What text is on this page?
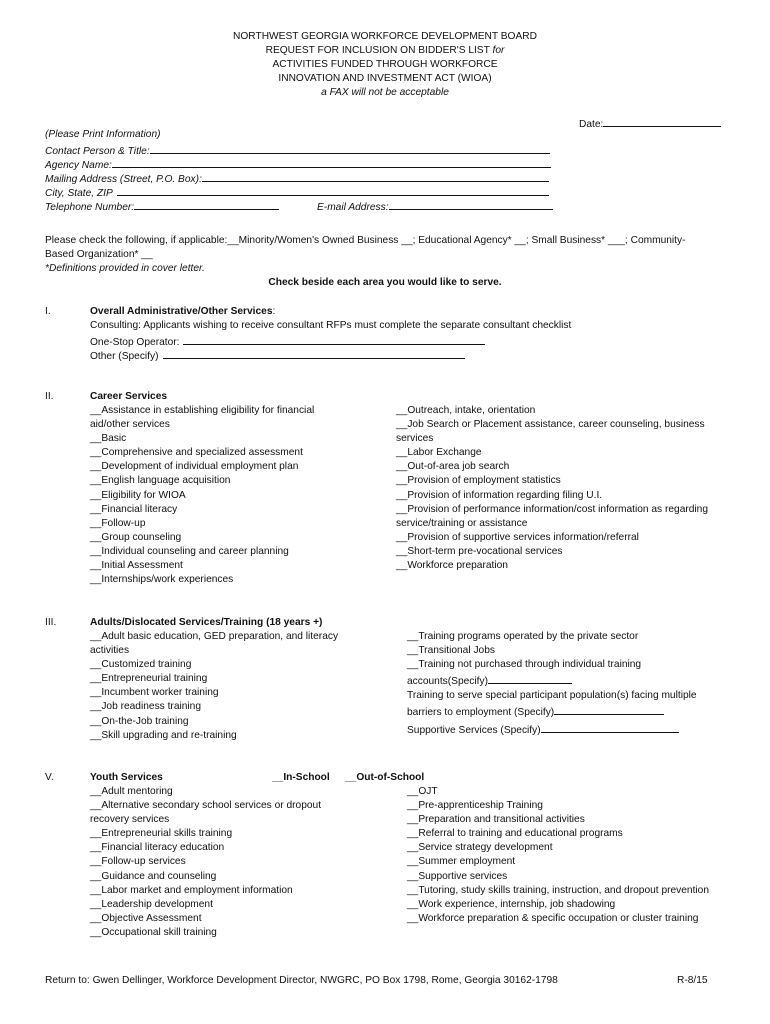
NORTHWEST GEORGIA WORKFORCE DEVELOPMENT BOARD
REQUEST FOR INCLUSION ON BIDDER'S LIST for
ACTIVITIES FUNDED THROUGH WORKFORCE
INNOVATION AND INVESTMENT ACT (WIOA)
a FAX will not be acceptable
Date:
(Please Print Information)
Contact Person & Title:
Agency Name:
Mailing Address (Street, P.O. Box):
City, State, ZIP
Telephone Number:	E-mail Address:
Please check the following, if applicable:__Minority/Women's Owned Business __; Educational Agency* __; Small Business* ___; Community-
Based Organization* __
*Definitions provided in cover letter.
Check beside each area you would like to serve.
I.	Overall Administrative/Other Services:
Consulting: Applicants wishing to receive consultant RFPs must complete the separate consultant checklist
One-Stop Operator:
Other (Specify)
II.	Career Services
__Assistance in establishing eligibility for financial
aid/other services
__Basic
__Comprehensive and specialized assessment
__Development of individual employment plan
__English language acquisition
__Eligibility for WIOA
__Financial literacy
__Follow-up
__Group counseling
__Individual counseling and career planning
__Initial Assessment
__Internships/work experiences
__Outreach, intake, orientation
__Job Search or Placement assistance, career counseling, business
services
__Labor Exchange
__Out-of-area job search
__Provision of employment statistics
__Provision of information regarding filing U.I.
__Provision of performance information/cost information as regarding
service/training or assistance
__Provision of supportive services information/referral
__Short-term pre-vocational services
__Workforce preparation
III.	Adults/Dislocated Services/Training (18 years +)
__Adult basic education, GED preparation, and literacy
activities
__Customized training
__Entrepreneurial training
__Incumbent worker training
__Job readiness training
__On-the-Job training
__Skill upgrading and re-training
__Training programs operated by the private sector
__Transitional Jobs
__Training not purchased through individual training
accounts(Specify)
Training to serve special participant population(s) facing multiple
barriers to employment (Specify)
Supportive Services (Specify)
V.	Youth Services	__In-School __Out-of-School
__Adult mentoring
__Alternative secondary school services or dropout
recovery services
__Entrepreneurial skills training
__Financial literacy education
__Follow-up services
__Guidance and counseling
__Labor market and employment information
__Leadership development
__Objective Assessment
__Occupational skill training
__OJT
__Pre-apprenticeship Training
__Preparation and transitional activities
__Referral to training and educational programs
__Service strategy development
__Summer employment
__Supportive services
__Tutoring, study skills training, instruction, and dropout prevention
__Work experience, internship, job shadowing
__Workforce preparation & specific occupation or cluster training
Return to: Gwen Dellinger, Workforce Development Director, NWGRC, PO Box 1798, Rome, Georgia 30162-1798	R-8/15
